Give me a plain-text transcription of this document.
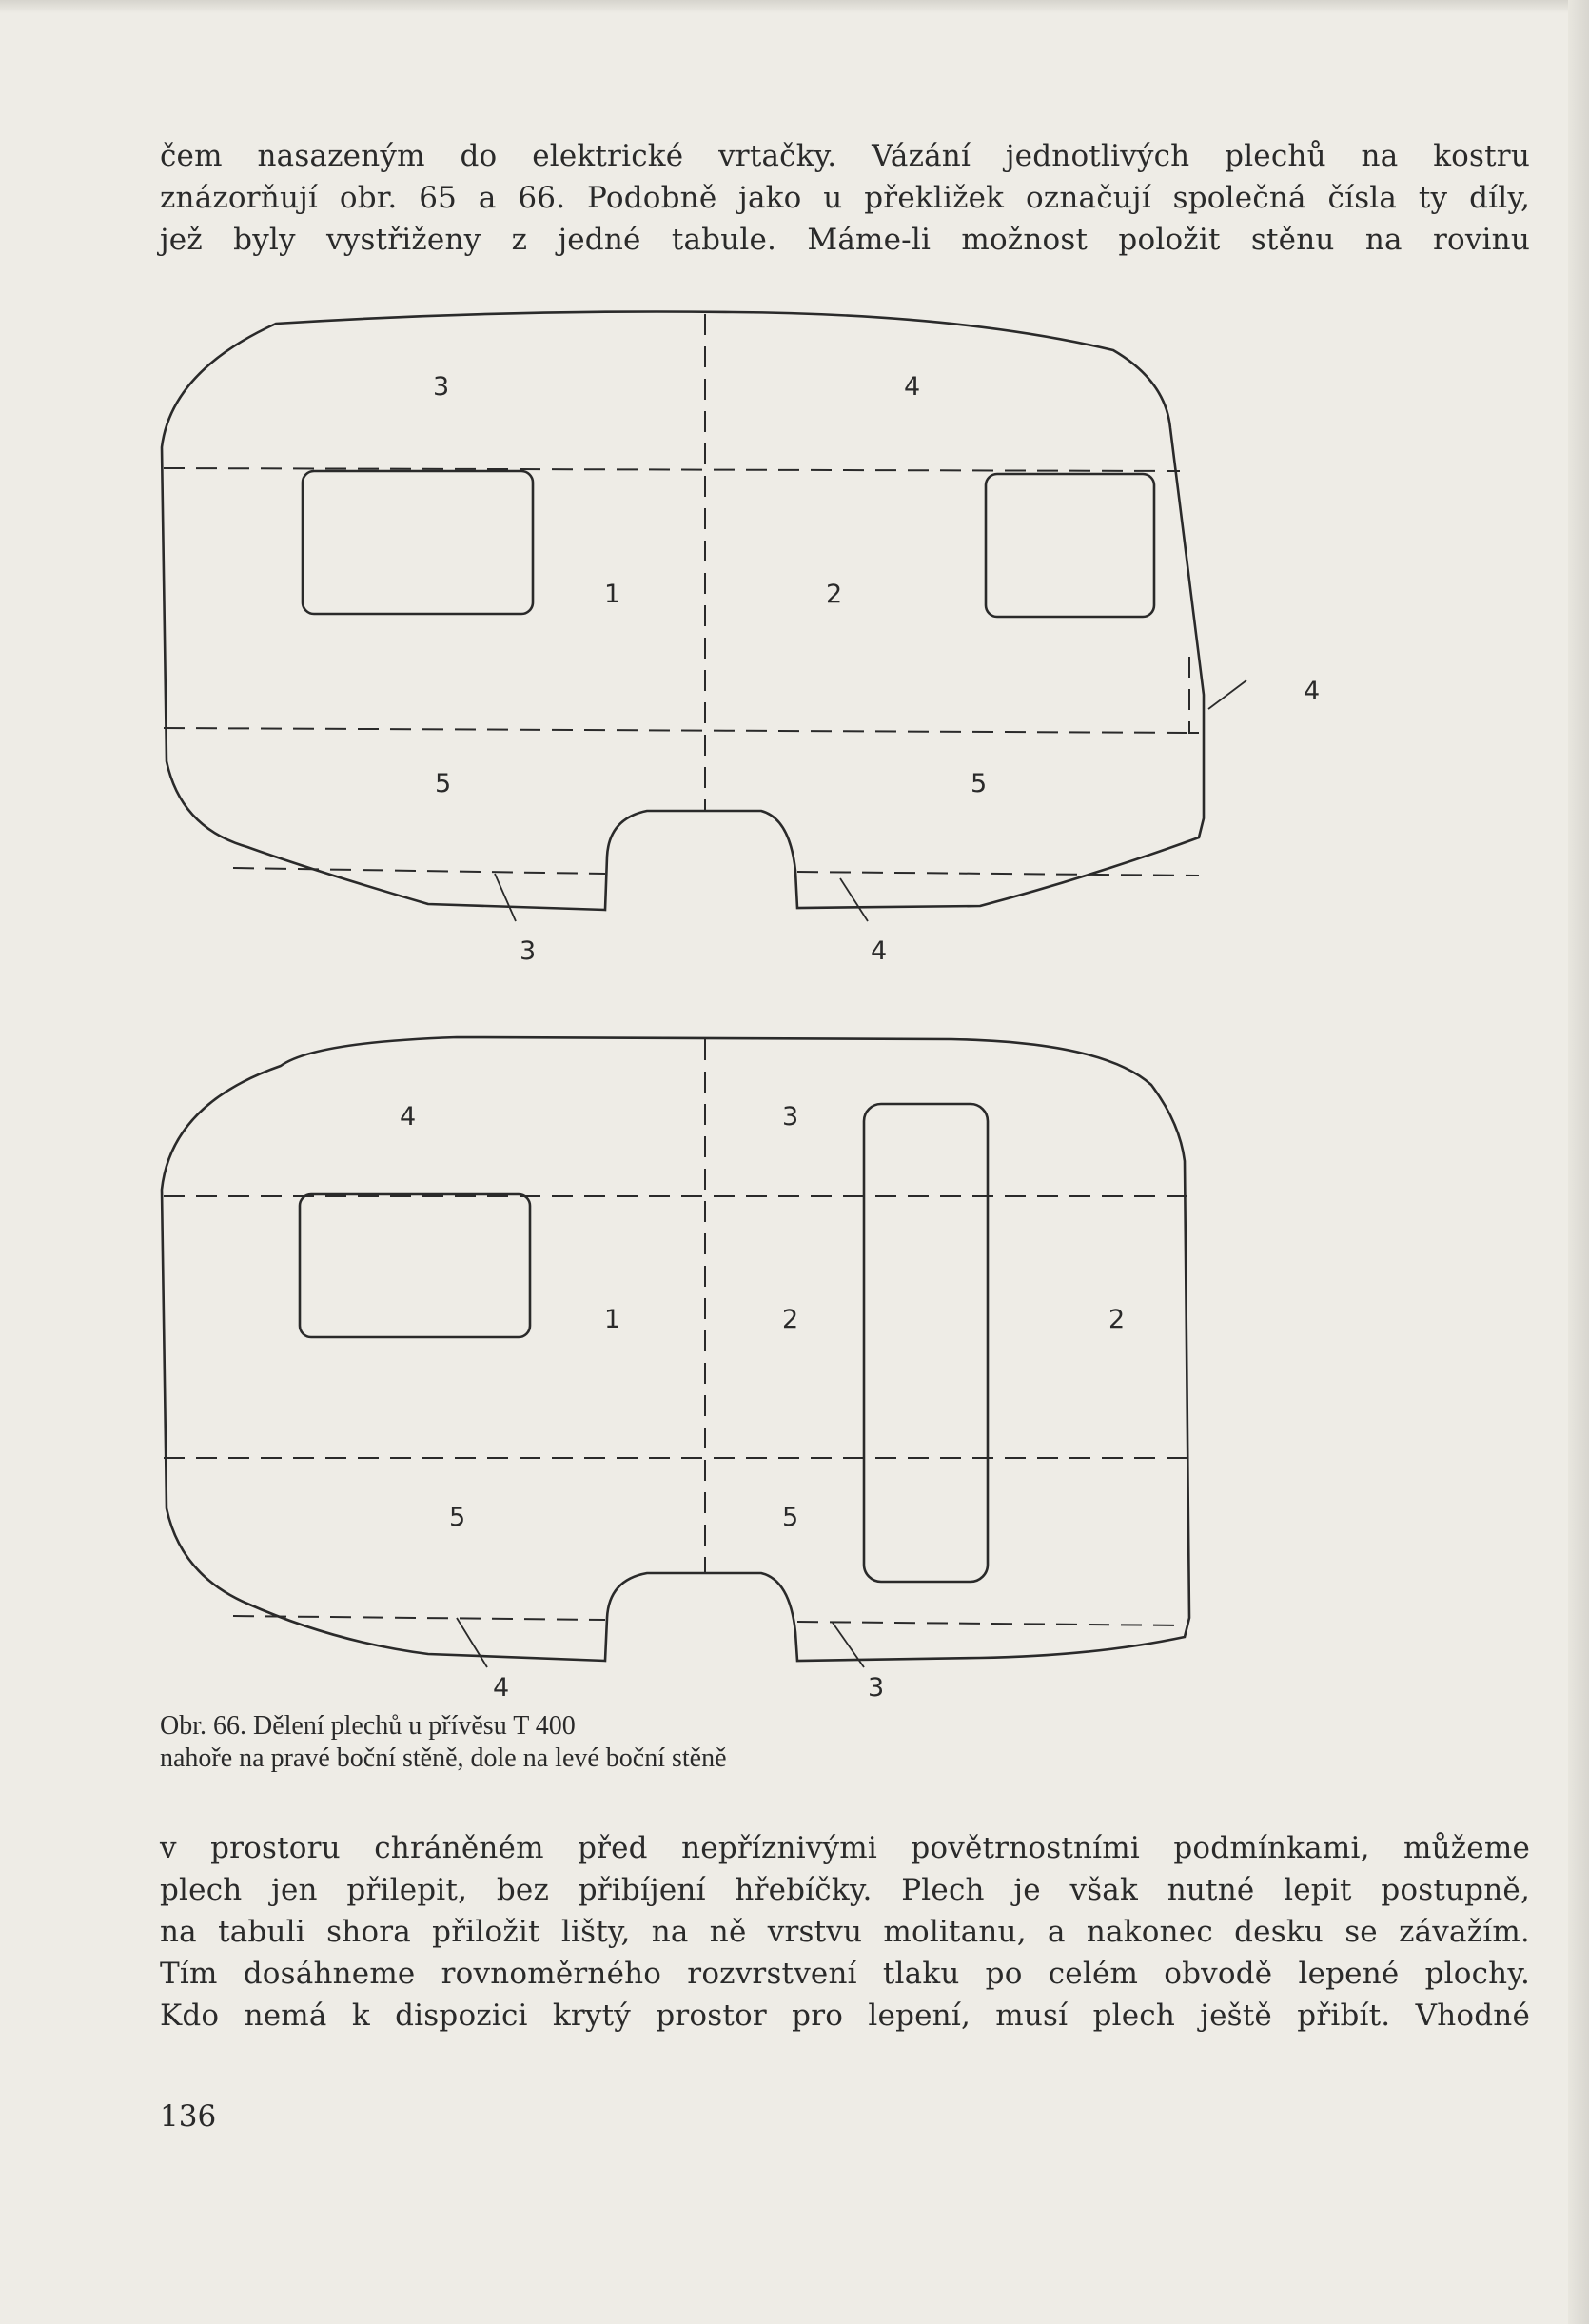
čem nasazeným do elektrické vrtačky. Vázání jednotlivých plechů na kostru
znázorňují obr. 65 a 66. Podobně jako u překližek označují společná čísla ty díly,
jež byly vystřiženy z jedné tabule. Máme-li možnost položit stěnu na rovinu
3	4
1	2
4
5	5
3	4
4	3
1	2	2
5	5
4	3
Obr. 66. Dělení plechů u přívěsu T 400
nahoře na pravé boční stěně, dole na levé boční stěně
v prostoru chráněném před nepříznivými povětrnostními podmínkami, můžeme
plech jen přilepit, bez přibíjení hřebíčky. Plech je však nutné lepit postupně,
na tabuli shora přiložit lišty, na ně vrstvu molitanu, a nakonec desku se závažím.
Tím dosáhneme rovnoměrného rozvrstvení tlaku po celém obvodě lepené plochy.
Kdo nemá k dispozici krytý prostor pro lepení, musí plech ještě přibít. Vhodné
136
